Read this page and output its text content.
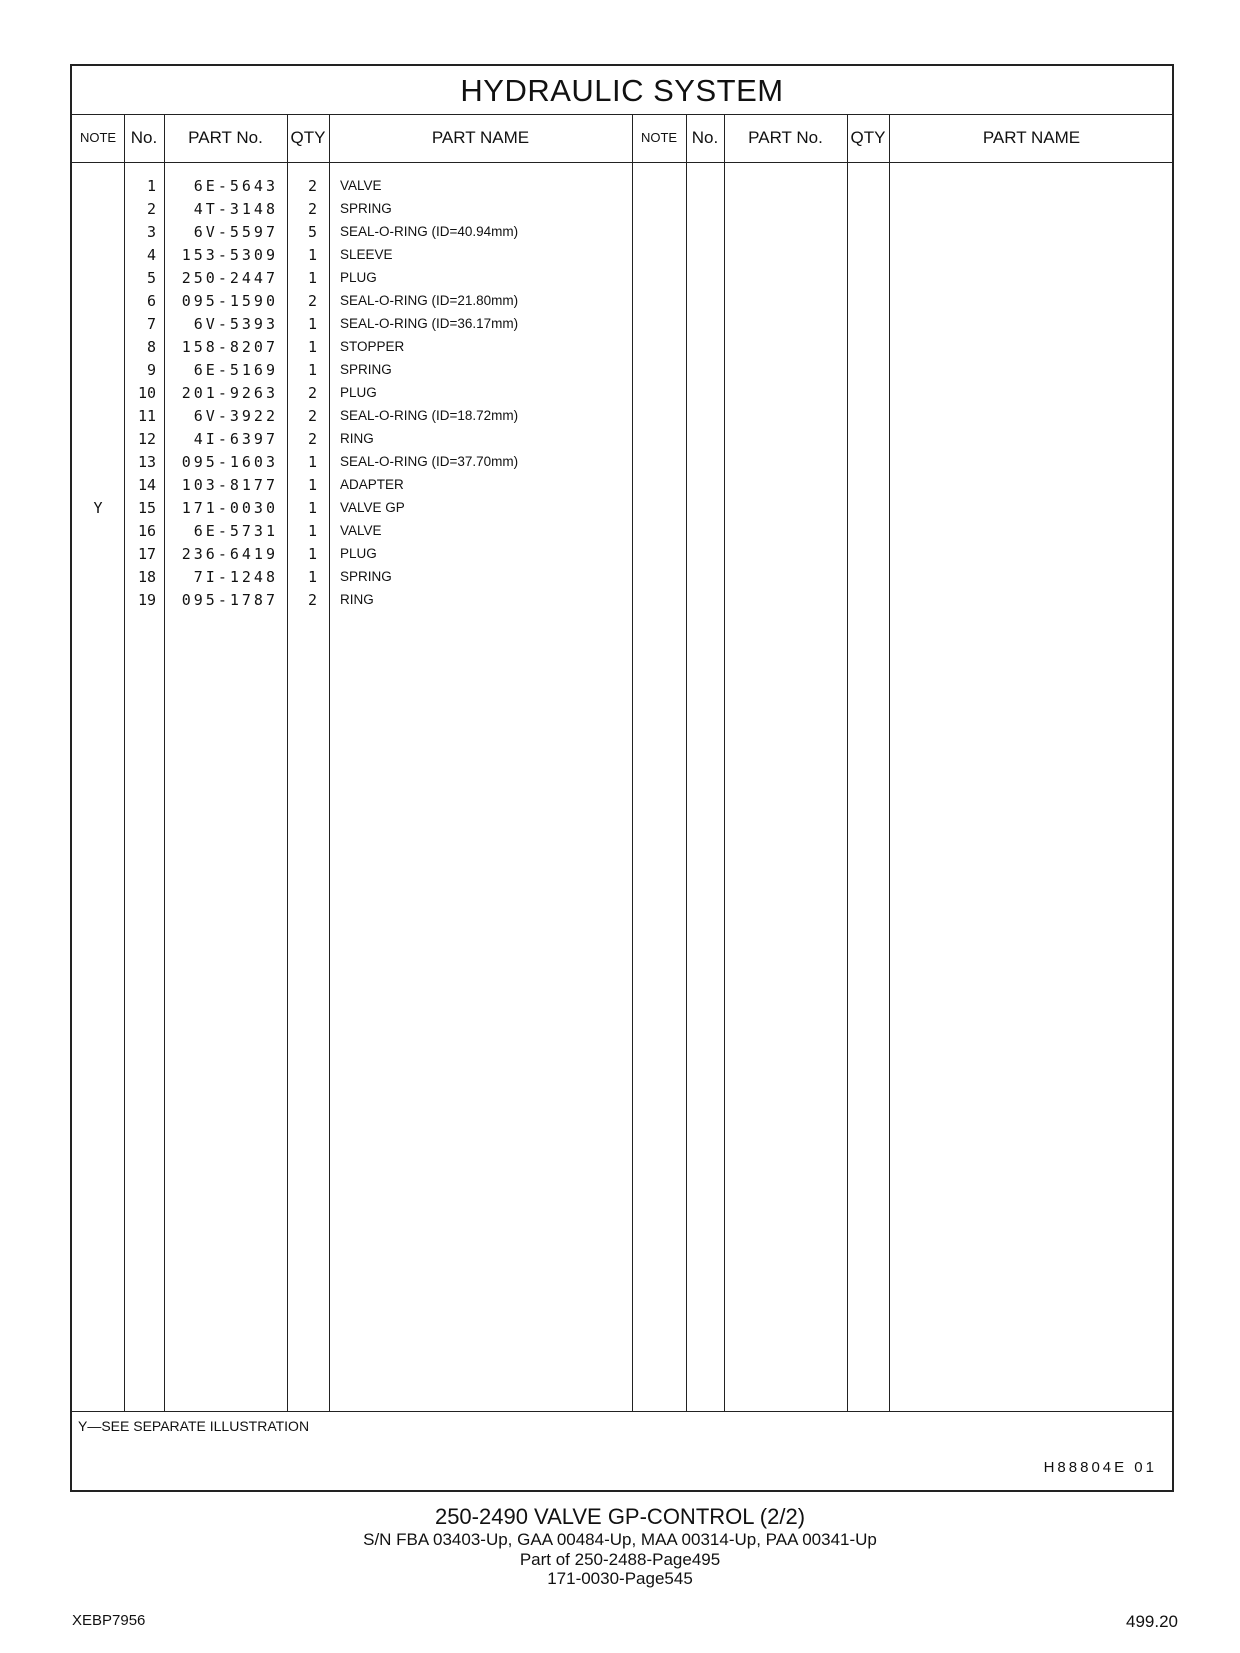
HYDRAULIC SYSTEM
NOTE No.	PART No.	QTY	PART NAME	NOTE No.	PART No.	QTY	PART NAME
1	6E-5643	2 VALVE
2	4T-3148	2 SPRING
3	6V-5597	5 SEAL-O-RING (ID=40.94mm)
4	153-5309	1 SLEEVE
5	250-2447	1 PLUG
6	095-1590	2 SEAL-O-RING (ID=21.80mm)
7	6V-5393	1 SEAL-O-RING (ID=36.17mm)
8	158-8207	1 STOPPER
9	6E-5169	1 SPRING
10	201-9263	2 PLUG
11	6V-3922	2 SEAL-O-RING (ID=18.72mm)
12	4I-6397	2 RING
13	095-1603	1 SEAL-O-RING (ID=37.70mm)
14	103-8177	1 ADAPTER
Y	15	171-0030	1 VALVE GP
16	6E-5731	1 VALVE
17	236-6419	1 PLUG
18	7I-1248	1 SPRING
19	095-1787	2 RING
Y—SEE SEPARATE ILLUSTRATION
H88804E 01
250-2490 VALVE GP-CONTROL (2/2)
S/N FBA 03403-Up, GAA 00484-Up, MAA 00314-Up, PAA 00341-Up
Part of 250-2488-Page495
171-0030-Page545
XEBP7956	499.20
